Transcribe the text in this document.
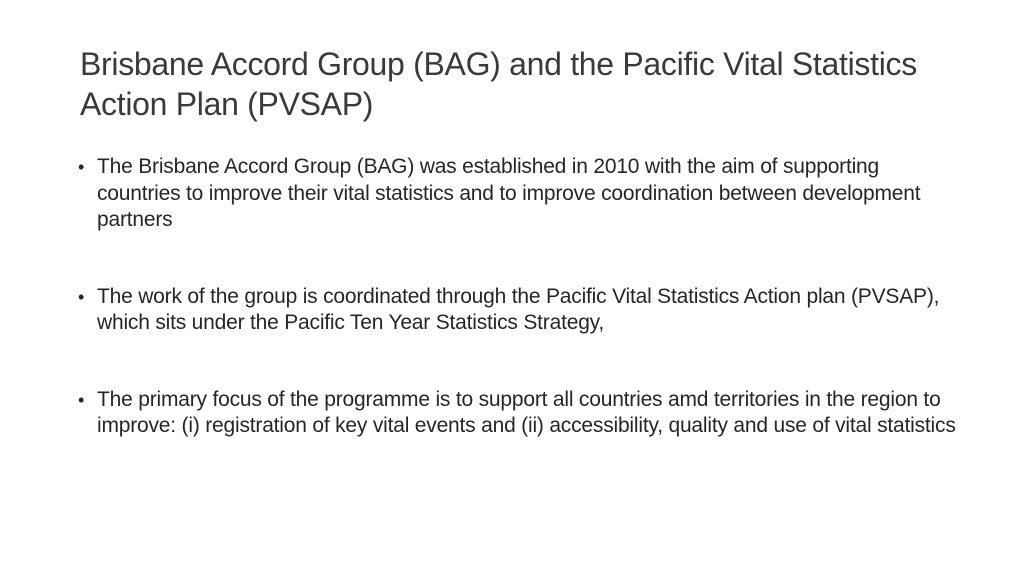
Brisbane Accord Group (BAG) and the Pacific Vital Statistics Action Plan (PVSAP)
• The Brisbane Accord Group (BAG) was established in 2010 with the aim of supporting countries to improve their vital statistics and to improve coordination between development partners
• The work of the group is coordinated through the Pacific Vital Statistics Action plan (PVSAP), which sits under the Pacific Ten Year Statistics Strategy,
• The primary focus of the programme is to support all countries amd territories in the region to improve: (i) registration of key vital events and (ii) accessibility, quality and use of vital statistics
